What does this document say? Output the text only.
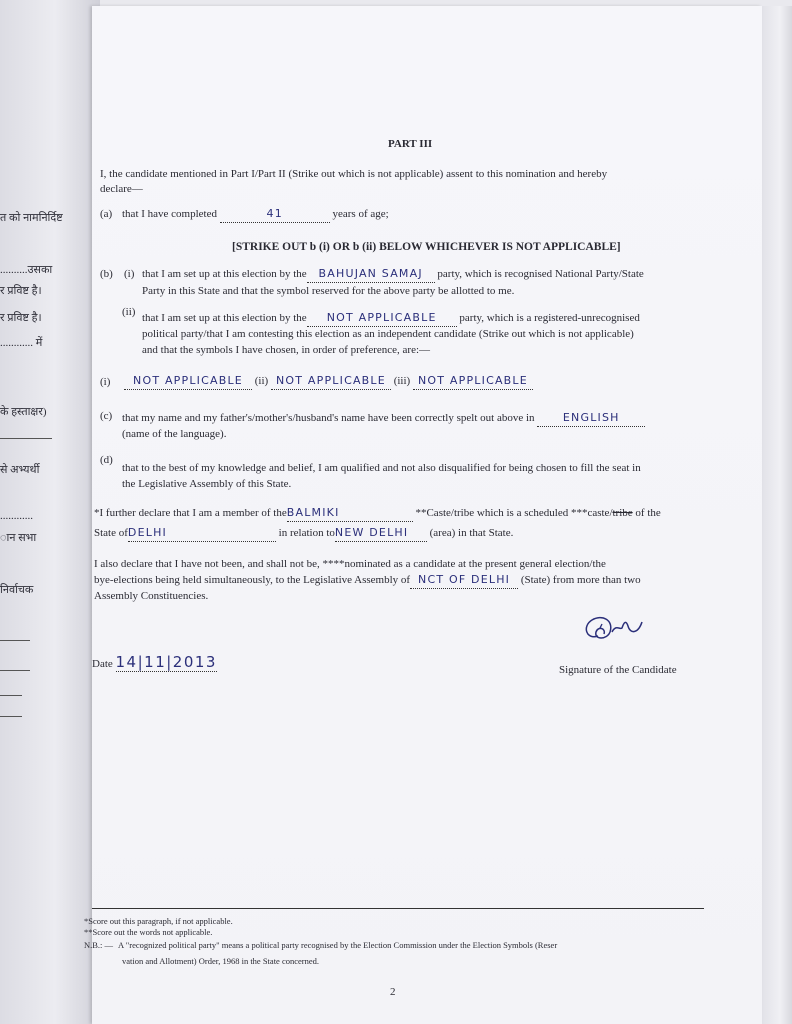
त को नामनिर्दिष्ट
..........उसका
र प्रविष्ट है।
र प्रविष्ट है।
............ में
के हस्ताक्षर)
से अभ्यर्थी
............
ान सभा
निर्वाचक
PART III
I, the candidate mentioned in Part I/Part II (Strike out which is not applicable) assent to this nomination and hereby
declare—
(a) that I have completed	41	years of age;
[STRIKE OUT b (i) OR b (ii) BELOW WHICHEVER IS NOT APPLICABLE]
(b) (i) that I am set up at this election by the BAHUJAN SAMAJ party, which is recognised National Party/State
Party in this State and that the symbol reserved for the above party be allotted to me.
(ii) that I am set up at this election by the NOT APPLICABLE party, which is a registered-unrecognised
political party/that I am contesting this election as an independent candidate (Strike out which is not applicable)
and that the symbols I have chosen, in order of preference, are:—
(i)	NOT APPLICABLE (ii) NOT APPLICABLE (iii) NOT APPLICABLE
(c) that my name and my father's/mother's/husband's name have been correctly spelt out above in	ENGLISH
(name of the language).
(d)
that to the best of my knowledge and belief, I am qualified and not also disqualified for being chosen to fill the seat in
the Legislative Assembly of this State.
*I further declare that I am a member of theBALMIKI	**Caste/tribe which is a scheduled ***caste/tribe of the
State ofDELHI	in relation toNEW DELHI (area) in that State.
I also declare that I have not been, and shall not be, ****nominated as a candidate at the present general election/the
bye-elections being held simultaneously, to the Legislative Assembly of NCT OF DELHI (State) from more than two
Assembly Constituencies.
Date 14|11|2013	Signature of the Candidate
*Score out this paragraph, if not applicable.
**Score out the words not applicable.
N.B.: — A "recognized political party" means a political party recognised by the Election Commission under the Election Symbols (Reser
vation and Allotment) Order, 1968 in the State concerned.
2
